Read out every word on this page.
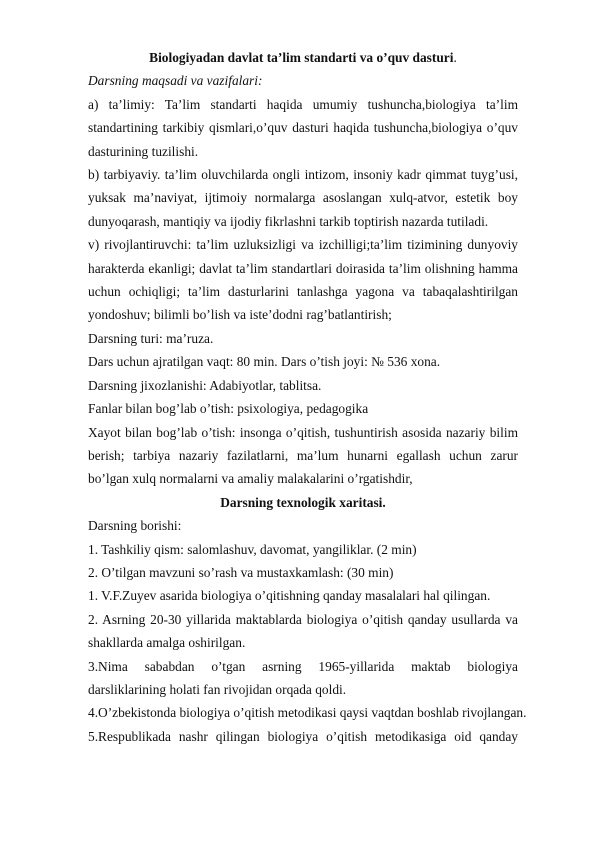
Biologiyadan davlat ta’lim standarti va o’quv dasturi.

Darsning maqsadi va vazifalari:

a) ta’limiy: Ta’lim standarti haqida umumiy tushuncha,biologiya ta’lim standartining tarkibiy qismlari,o’quv dasturi haqida tushuncha,biologiya o’quv dasturining tuzilishi.

b) tarbiyaviy. ta’lim oluvchilarda ongli intizom, insoniy kadr qimmat tuyg’usi, yuksak ma’naviyat, ijtimoiy normalarga asoslangan xulq-atvor, estetik boy dunyoqarash, mantiqiy va ijodiy fikrlashni tarkib toptirish nazarda tutiladi.

v) rivojlantiruvchi: ta’lim uzluksizligi va izchilligi;ta’lim tizimining dunyoviy harakterda ekanligi; davlat ta’lim standartlari doirasida ta’lim olishning hamma uchun ochiqligi; ta’lim dasturlarini tanlashga yagona va tabaqalashtirilgan yondoshuv; bilimli bo’lish va iste’dodni rag’batlantirish;

Darsning turi: ma’ruza.

Dars uchun ajratilgan vaqt: 80 min. Dars o’tish joyi: № 536 xona.

Darsning jixozlanishi: Adabiyotlar, tablitsa.

Fanlar bilan bog’lab o’tish: psixologiya, pedagogika

Xayot bilan bog’lab o’tish: insonga o’qitish, tushuntirish asosida nazariy bilim berish; tarbiya nazariy fazilatlarni, ma’lum hunarni egallash uchun zarur bo’lgan xulq normalarni va amaliy malakalarini o’rgatishdir,

Darsning texnologik xaritasi.

Darsning borishi:

1. Tashkiliy qism: salomlashuv, davomat, yangiliklar. (2 min)

2. O’tilgan mavzuni so’rash va mustaxkamlash: (30 min)

1. V.F.Zuyev asarida biologiya o’qitishning qanday masalalari hal qilingan.

2. Asrning 20-30 yillarida maktablarda biologiya o’qitish qanday usullarda va shakllarda amalga oshirilgan.

3.Nima sababdan o’tgan asrning 1965-yillarida maktab biologiya darsliklarining holati fan rivojidan orqada qoldi.

4.O’zbekistonda biologiya o’qitish metodikasi qaysi vaqtdan boshlab rivojlangan.

5.Respublikada nashr qilingan biologiya o’qitish metodikasiga oid qanday
